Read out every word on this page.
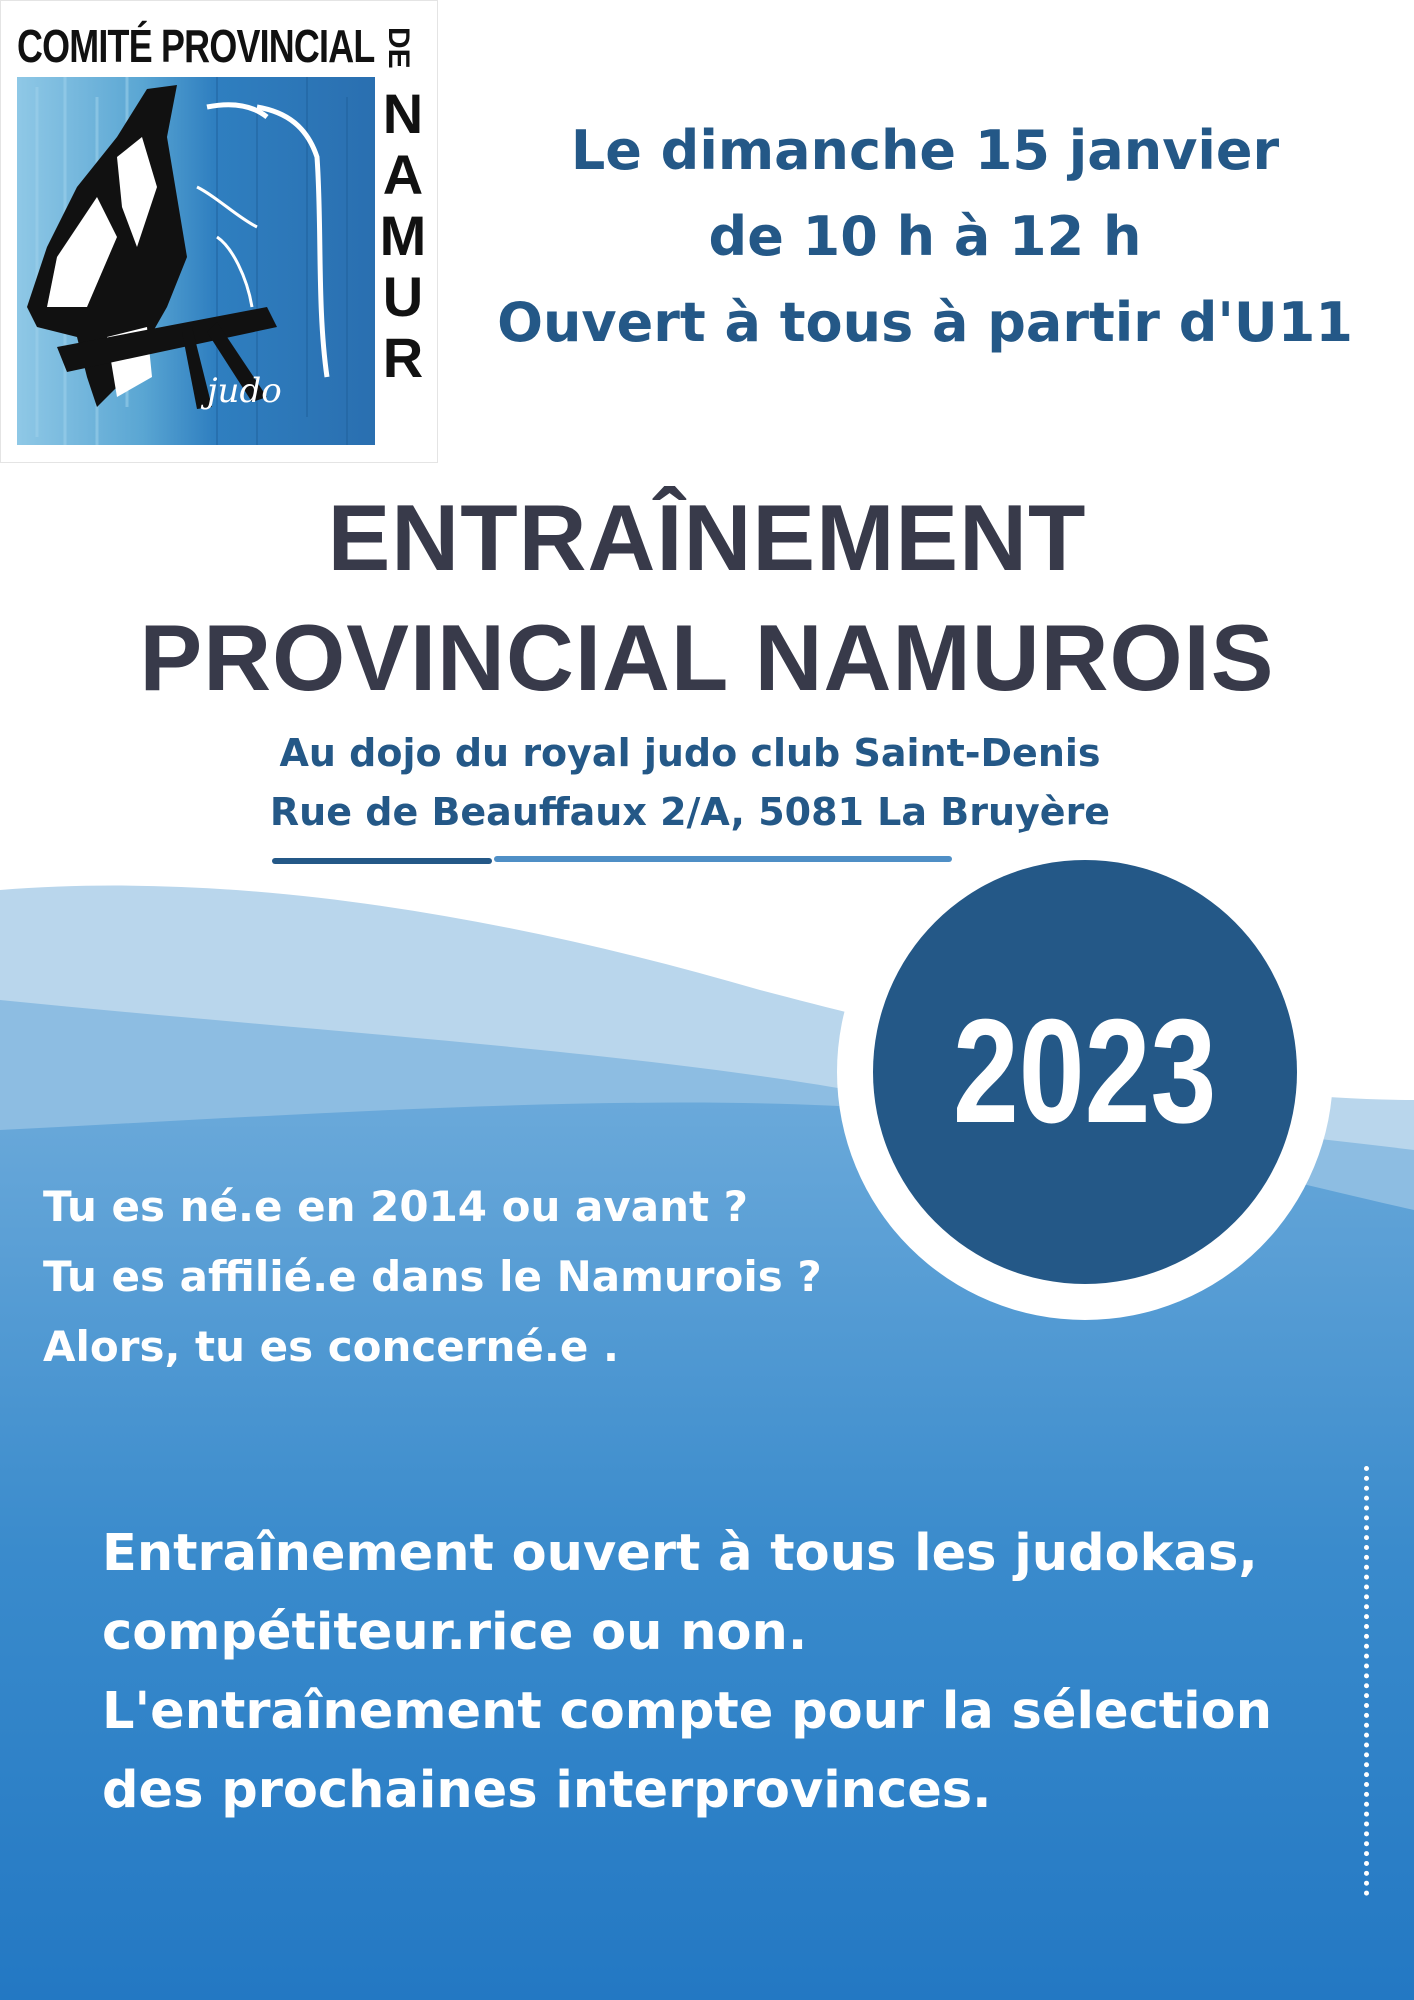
COMITÉ PROVINCIAL DE
N
A
M
U
R
judo
Le dimanche 15 janvier
de 10 h à 12 h
Ouvert à tous à partir d'U11
ENTRAÎNEMENT
PROVINCIAL NAMUROIS
Au dojo du royal judo club Saint-Denis
Rue de Beauffaux 2/A, 5081 La Bruyère
2023
Tu es né.e en 2014 ou avant ?
Tu es affilié.e dans le Namurois ?
Alors, tu es concerné.e .
Entraînement ouvert à tous les judokas,
compétiteur.rice ou non.
L'entraînement compte pour la sélection
des prochaines interprovinces.
